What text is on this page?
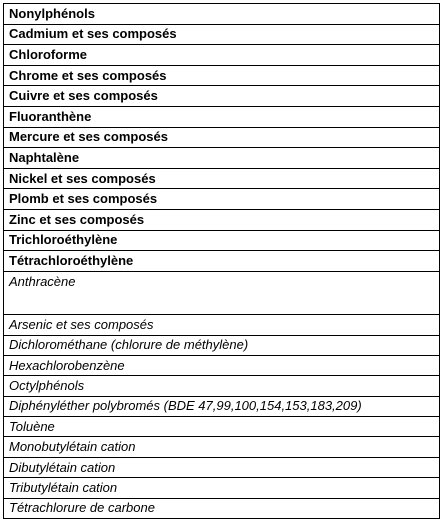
Nonylphénols
Cadmium et ses composés
Chloroforme
Chrome et ses composés
Cuivre et ses composés
Fluoranthène
Mercure et ses composés
Naphtalène
Nickel et ses composés
Plomb et ses composés
Zinc et ses composés
Trichloroéthylène
Tétrachloroéthylène
Anthracène
Arsenic et ses composés
Dichlorométhane (chlorure de méthylène)
Hexachlorobenzène
Octylphénols
Diphényléther polybromés (BDE 47,99,100,154,153,183,209)
Toluène
Monobutylétain cation
Dibutylétain cation
Tributylétain cation
Tétrachlorure de carbone
